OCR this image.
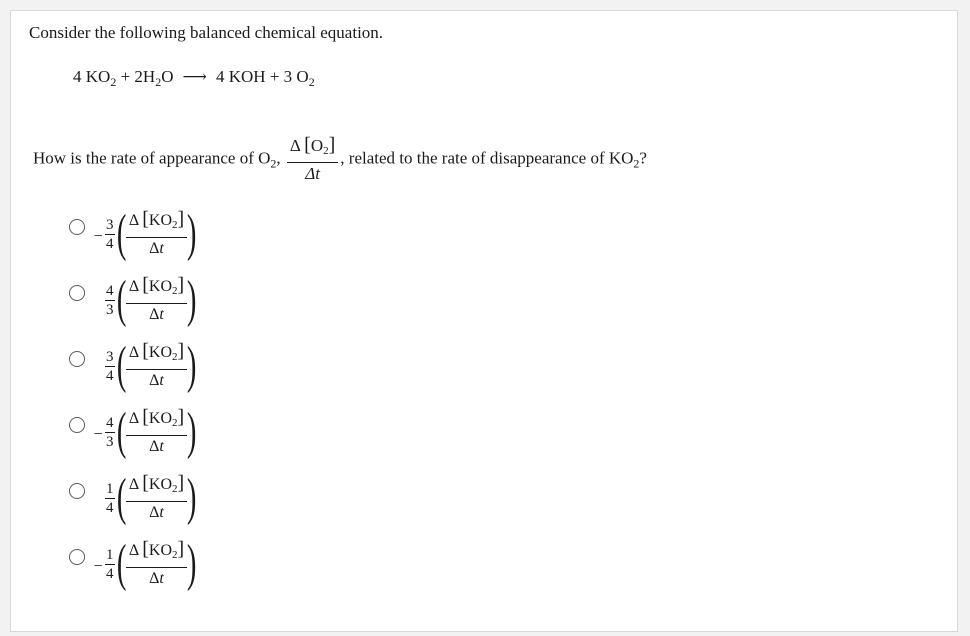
Consider the following balanced chemical equation.
4 $KO_2 + 2H_2O$ ⟶ 4 KOH + 3 $O_2$
How is the rate of appearance of $O_2$, $\frac{\Delta [O_2]}{\Delta t}$ , related to the rate of disappearance of $KO_2$?
− $\frac{3}{4}$ ( $\frac{\Delta [KO_2]}{\Delta t}$ )
$\frac{4}{3}$ ( $\frac{\Delta [KO_2]}{\Delta t}$ )
$\frac{3}{4}$ ( $\frac{\Delta [KO_2]}{\Delta t}$ )
− $\frac{4}{3}$ ( $\frac{\Delta [KO_2]}{\Delta t}$ )
$\frac{1}{4}$ ( $\frac{\Delta [KO_2]}{\Delta t}$ )
− $\frac{1}{4}$ ( $\frac{\Delta [KO_2]}{\Delta t}$ )
